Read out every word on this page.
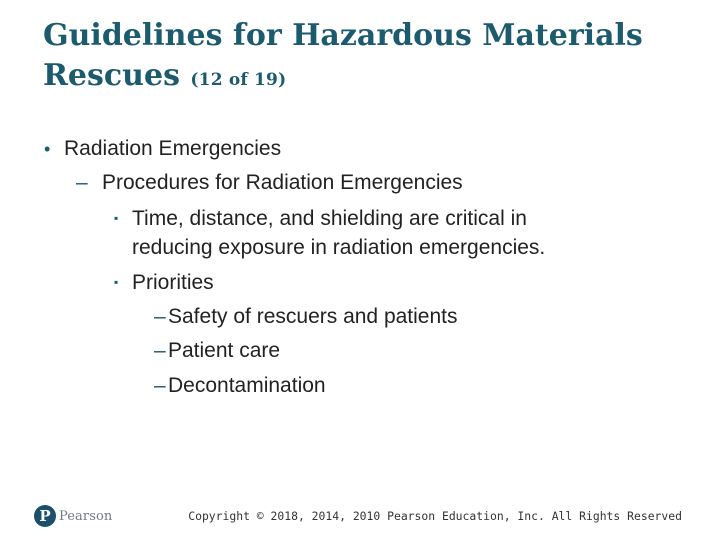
Guidelines for Hazardous Materials Rescues (12 of 19)
• Radiation Emergencies
– Procedures for Radiation Emergencies
▪ Time, distance, and shielding are critical in
reducing exposure in radiation emergencies.
▪ Priorities
– Safety of rescuers and patients
– Patient care
– Decontamination
P Pearson	Copyright © 2018, 2014, 2010 Pearson Education, Inc. All Rights Reserved
